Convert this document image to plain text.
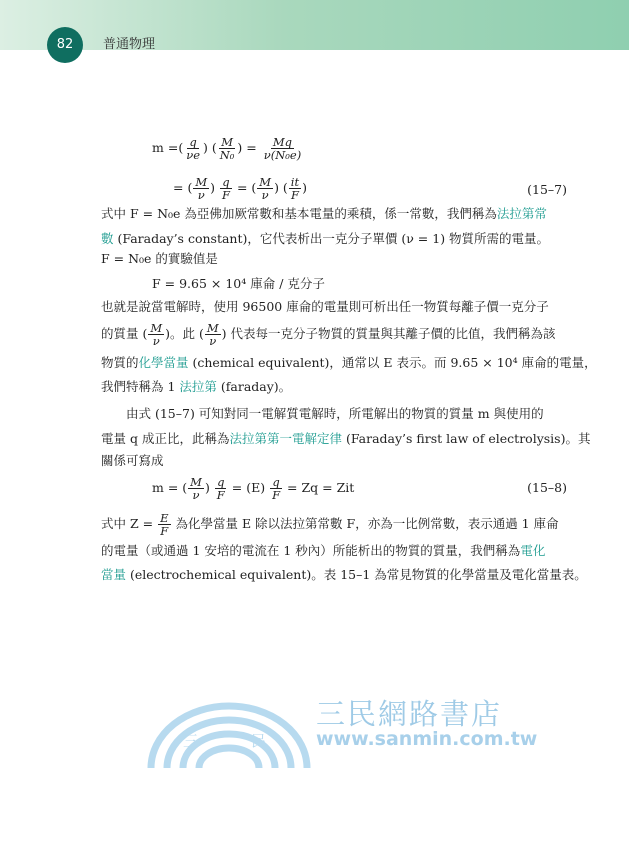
82	普通物理
m =( $\frac{q}{\nu e}$ ) ( $\frac{M}{\text{N₀}}$ ) = $\frac{Mq}{\text{ν(N₀e)}}$
= ( $\frac{M}{\nu}$ ) $\frac{q}{F}$ = ( $\frac{M}{\nu}$ ) ( $\frac{it}{F}$ )	(15–7)
式中 F = N₀e 為亞佛加厥常數和基本電量的乘積，係一常數，我們稱為法拉第常
數 (Faraday’s constant)，它代表析出一克分子單價 (ν = 1) 物質所需的電量。
F = N₀e 的實驗值是
F = 9.65 × 10⁴ 庫侖 / 克分子
也就是說當電解時，使用 96500 庫侖的電量則可析出任一物質每離子價一克分子
的質量 ( $\frac{M}{\nu}$ )。此 ( $\frac{M}{\nu}$ ) 代表每一克分子物質的質量與其離子價的比值，我們稱為該
物質的化學當量 (chemical equivalent)，通常以 E 表示。而 9.65 × 10⁴ 庫侖的電量，
我們特稱為 1 法拉第 (faraday)。
由式 (15–7) 可知對同一電解質電解時，所電解出的物質的質量 m 與使用的
電量 q 成正比，此稱為法拉第第一電解定律 (Faraday’s first law of electrolysis)。其
關係可寫成
m = ( $\frac{M}{\nu}$ ) $\frac{q}{F} = (E) \frac{q}{F} = Zq$ = Zit	(15–8)
式中 $Z = \frac{E}{F}$ 為化學當量 E 除以法拉第常數 F，亦為一比例常數，表示通過 1 庫侖
的電量（或通過 1 安培的電流在 1 秒內）所能析出的物質的質量，我們稱為電化
當量 (electrochemical equivalent)。表 15–1 為常見物質的化學當量及電化當量表。
三	民
三民網路書店
www.sanmin.com.tw
